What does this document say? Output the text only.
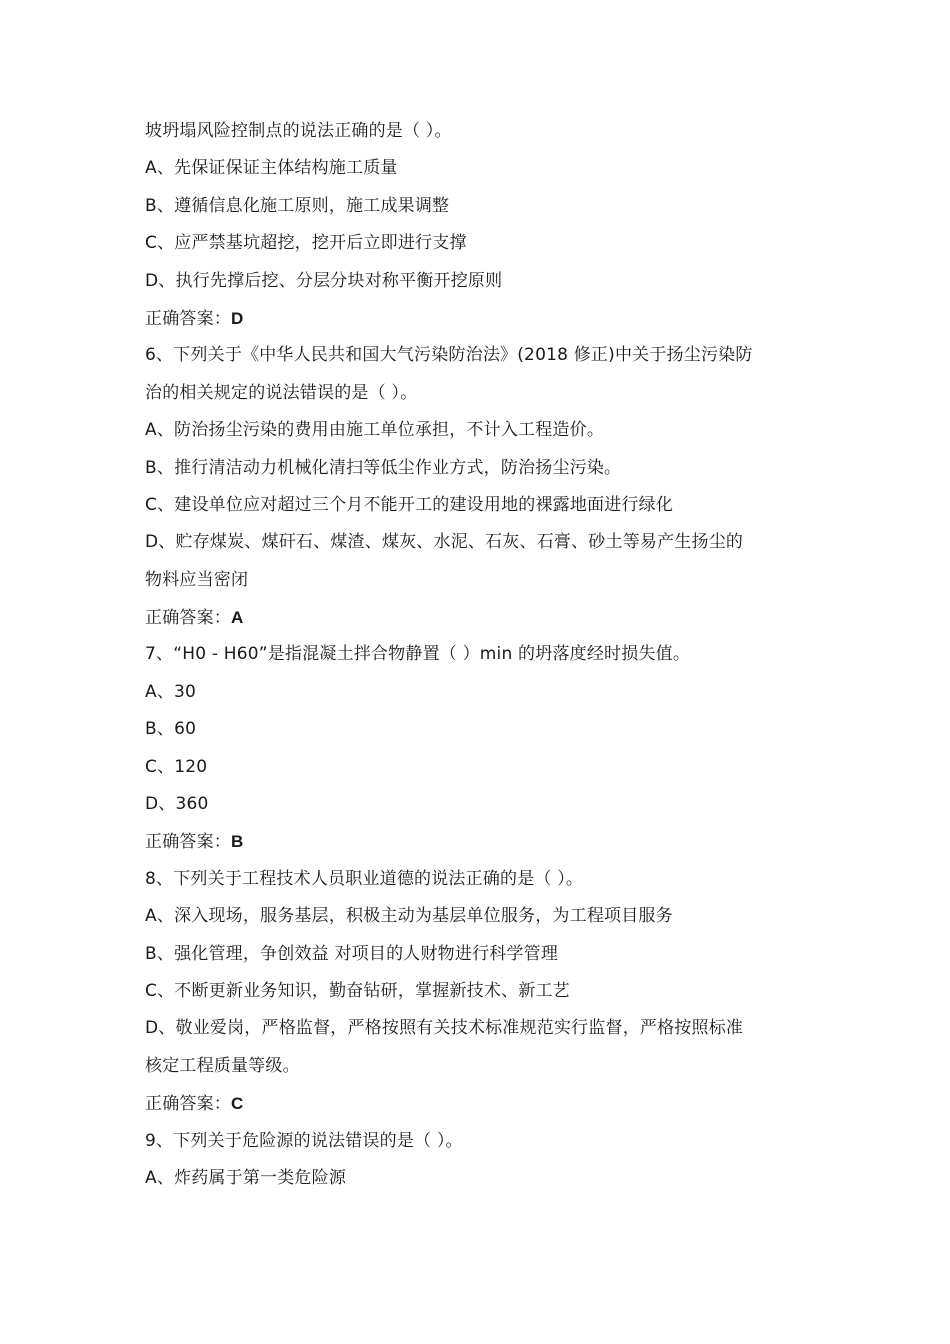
坡坍塌风险控制点的说法正确的是（ ）。
A、先保证保证主体结构施工质量
B、遵循信息化施工原则，施工成果调整
C、应严禁基坑超挖，挖开后立即进行支撑
D、执行先撑后挖、分层分块对称平衡开挖原则
正确答案：D
6、下列关于《中华人民共和国大气污染防治法》(2018 修正)中关于扬尘污染防
治的相关规定的说法错误的是（ ）。
A、防治扬尘污染的费用由施工单位承担，不计入工程造价。
B、推行清洁动力机械化清扫等低尘作业方式，防治扬尘污染。
C、建设单位应对超过三个月不能开工的建设用地的裸露地面进行绿化
D、贮存煤炭、煤矸石、煤渣、煤灰、水泥、石灰、石膏、砂土等易产生扬尘的
物料应当密闭
正确答案：A
7、“H0 - H60”是指混凝土拌合物静置（ ）min 的坍落度经时损失值。
A、30
B、60
C、120
D、360
正确答案：B
8、下列关于工程技术人员职业道德的说法正确的是（ ）。
A、深入现场，服务基层，积极主动为基层单位服务，为工程项目服务
B、强化管理，争创效益 对项目的人财物进行科学管理
C、不断更新业务知识，勤奋钻研，掌握新技术、新工艺
D、敬业爱岗，严格监督，严格按照有关技术标准规范实行监督，严格按照标准
核定工程质量等级。
正确答案：C
9、下列关于危险源的说法错误的是（ ）。
A、炸药属于第一类危险源
